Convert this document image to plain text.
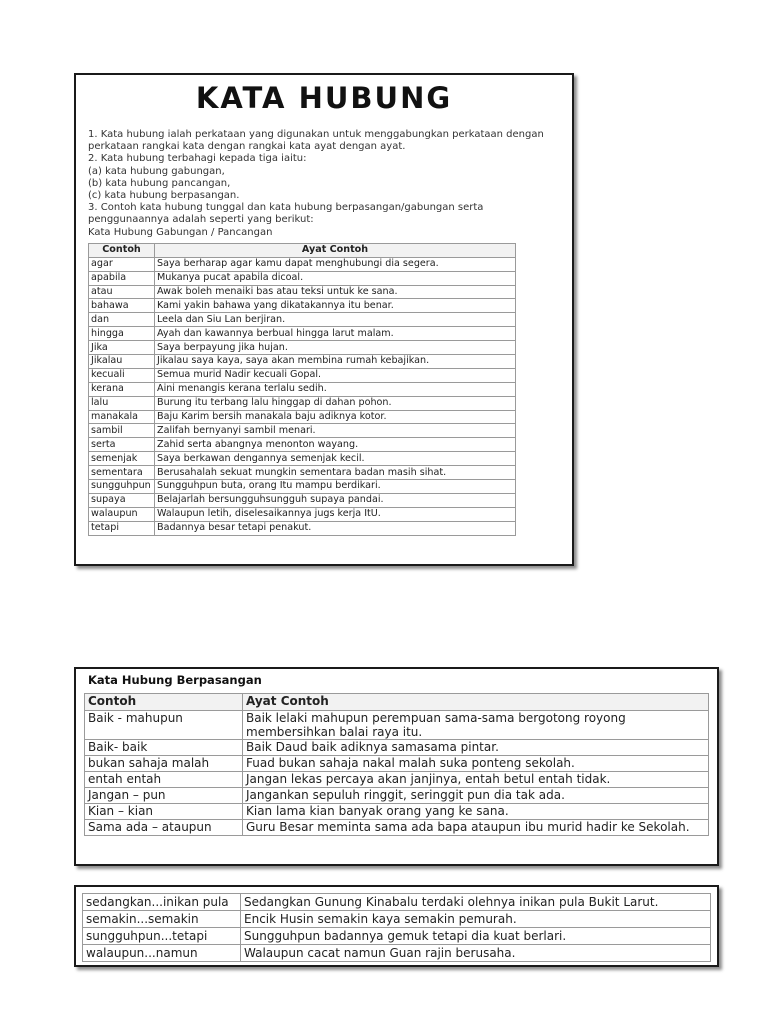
KATA HUBUNG
1. Kata hubung ialah perkataan yang digunakan untuk menggabungkan perkataan dengan
perkataan rangkai kata dengan rangkai kata ayat dengan ayat.
2. Kata hubung terbahagi kepada tiga iaitu:
(a) kata hubung gabungan,
(b) kata hubung pancangan,
(c) kata hubung berpasangan.
3. Contoh kata hubung tunggal dan kata hubung berpasangan/gabungan serta
penggunaannya adalah seperti yang berikut:
Kata Hubung Gabungan / Pancangan
Contoh	Ayat Contoh
agar	Saya berharap agar kamu dapat menghubungi dia segera.
apabila	Mukanya pucat apabila dicoal.
atau	Awak boleh menaiki bas atau teksi untuk ke sana.
bahawa	Kami yakin bahawa yang dikatakannya itu benar.
dan	Leela dan Siu Lan berjiran.
hingga	Ayah dan kawannya berbual hingga larut malam.
Jika	Saya berpayung jika hujan.
Jikalau	Jikalau saya kaya, saya akan membina rumah kebajikan.
kecuali	Semua murid Nadir kecuali Gopal.
kerana	Aini menangis kerana terlalu sedih.
lalu	Burung itu terbang lalu hinggap di dahan pohon.
manakala	Baju Karim bersih manakala baju adiknya kotor.
sambil	Zalifah bernyanyi sambil menari.
serta	Zahid serta abangnya menonton wayang.
semenjak	Saya berkawan dengannya semenjak kecil.
sementara	Berusahalah sekuat mungkin sementara badan masih sihat.
sungguhpun	Sungguhpun buta, orang Itu mampu berdikari.
supaya	Belajarlah bersungguhsungguh supaya pandai.
walaupun	Walaupun letih, diselesaikannya jugs kerja ItU.
tetapi	Badannya besar tetapi penakut.
Kata Hubung Berpasangan
Contoh	Ayat Contoh
Baik - mahupun	Baik lelaki mahupun perempuan sama-sama bergotong royong membersihkan balai raya itu.
Baik- baik	Baik Daud baik adiknya samasama pintar.
bukan sahaja malah	Fuad bukan sahaja nakal malah suka ponteng sekolah.
entah entah	Jangan lekas percaya akan janjinya, entah betul entah tidak.
Jangan – pun	Jangankan sepuluh ringgit, seringgit pun dia tak ada.
Kian – kian	Kian lama kian banyak orang yang ke sana.
Sama ada – ataupun	Guru Besar meminta sama ada bapa ataupun ibu murid hadir ke Sekolah.
sedangkan...inikan pula	Sedangkan Gunung Kinabalu terdaki olehnya inikan pula Bukit Larut.
semakin...semakin	Encik Husin semakin kaya semakin pemurah.
sungguhpun...tetapi	Sungguhpun badannya gemuk tetapi dia kuat berlari.
walaupun...namun	Walaupun cacat namun Guan rajin berusaha.
